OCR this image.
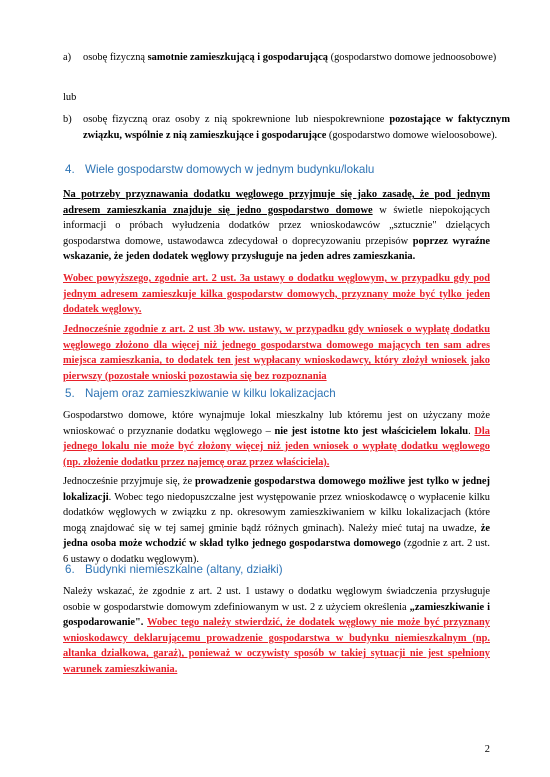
a) osobę fizyczną samotnie zamieszkującą i gospodarującą (gospodarstwo domowe jednoosobowe)

lub

b) osobę fizyczną oraz osoby z nią spokrewnione lub niespokrewnione pozostające w faktycznym związku, wspólnie z nią zamieszkujące i gospodarujące (gospodarstwo domowe wieloosobowe).

4. Wiele gospodarstw domowych w jednym budynku/lokalu

Na potrzeby przyznawania dodatku węglowego przyjmuje się jako zasadę, że pod jednym adresem zamieszkania znajduje się jedno gospodarstwo domowe w świetle niepokojących informacji o próbach wyłudzenia dodatków przez wnioskodawców „sztucznie" dzielących gospodarstwa domowe, ustawodawca zdecydował o doprecyzowaniu przepisów poprzez wyraźne wskazanie, że jeden dodatek węglowy przysługuje na jeden adres zamieszkania.

Wobec powyższego, zgodnie art. 2 ust. 3a ustawy o dodatku węglowym, w przypadku gdy pod jednym adresem zamieszkuje kilka gospodarstw domowych, przyznany może być tylko jeden dodatek węglowy.

Jednocześnie zgodnie z art. 2 ust 3b ww. ustawy, w przypadku gdy wniosek o wypłatę dodatku węglowego złożono dla więcej niż jednego gospodarstwa domowego mających ten sam adres miejsca zamieszkania, to dodatek ten jest wypłacany wnioskodawcy, który złożył wniosek jako pierwszy (pozostałe wnioski pozostawia się bez rozpoznania

5. Najem oraz zamieszkiwanie w kilku lokalizacjach

Gospodarstwo domowe, które wynajmuje lokal mieszkalny lub któremu jest on użyczany może wnioskować o przyznanie dodatku węglowego – nie jest istotne kto jest właścicielem lokalu. Dla jednego lokalu nie może być złożony więcej niż jeden wniosek o wypłatę dodatku węglowego (np. złożenie dodatku przez najemcę oraz przez właściciela).

Jednocześnie przyjmuje się, że prowadzenie gospodarstwa domowego możliwe jest tylko w jednej lokalizacji. Wobec tego niedopuszczalne jest występowanie przez wnioskodawcę o wypłacenie kilku dodatków węglowych w związku z np. okresowym zamieszkiwaniem w kilku lokalizacjach (które mogą znajdować się w tej samej gminie bądź różnych gminach). Należy mieć tutaj na uwadze, że jedna osoba może wchodzić w skład tylko jednego gospodarstwa domowego (zgodnie z art. 2 ust. 6 ustawy o dodatku węglowym).

6. Budynki niemieszkalne (altany, działki)

Należy wskazać, że zgodnie z art. 2 ust. 1 ustawy o dodatku węglowym świadczenia przysługuje osobie w gospodarstwie domowym zdefiniowanym w ust. 2 z użyciem określenia „zamieszkiwanie i gospodarowanie". Wobec tego należy stwierdzić, że dodatek węglowy nie może być przyznany wnioskodawcy deklarującemu prowadzenie gospodarstwa w budynku niemieszkalnym (np. altanka działkowa, garaż), ponieważ w oczywisty sposób w takiej sytuacji nie jest spełniony warunek zamieszkiwania.

2
